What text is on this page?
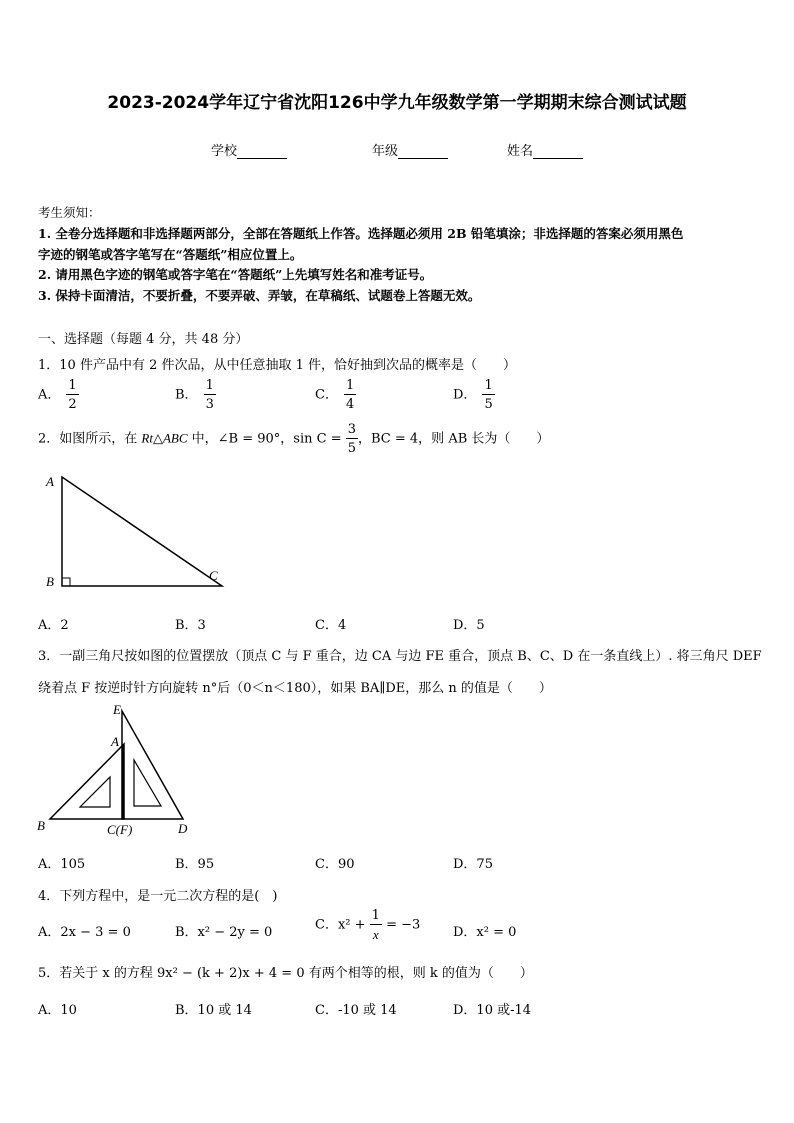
2023-2024学年辽宁省沈阳126中学九年级数学第一学期期末综合测试试题
学校	年级	姓名
考生须知：
1. 全卷分选择题和非选择题两部分，全部在答题纸上作答。选择题必须用 2B 铅笔填涂；非选择题的答案必须用黑色
字迹的钢笔或答字笔写在“答题纸”相应位置上。
2. 请用黑色字迹的钢笔或答字笔在“答题纸”上先填写姓名和准考证号。
3. 保持卡面清洁，不要折叠，不要弄破、弄皱，在草稿纸、试题卷上答题无效。
一、选择题（每题 4 分，共 48 分）
1．10 件产品中有 2 件次品，从中任意抽取 1 件，恰好抽到次品的概率是（　　）
A． $\frac{1}{2}$	B． $\frac{1}{3}$	C． $\frac{1}{4}$	D． $\frac{1}{5}$
2．如图所示，在 Rt△ABC 中，∠B = 90°，$\sin C = \frac{3}{5}$ ，BC = 4，则 AB 长为（　　）
A
B	C
A．2	B．3	C．4	D．5
3．一副三角尺按如图的位置摆放（顶点 C 与 F 重合，边 CA 与边 FE 重合，顶点 B、C、D 在一条直线上）. 将三角尺 DEF
绕着点 F 按逆时针方向旋转 n°后（0＜n＜180），如果 BA∥DE，那么 n 的值是（　　）
E
A
B	C(F)	D
A．105	B．95	C．90	D．75
4．下列方程中，是一元二次方程的是(　)
A．2x − 3 = 0	B．x² − 2y = 0	C．$x^2 + \frac{1}{x} = -3$	D．x² = 0
5．若关于 x 的方程 9x² − (k + 2)x + 4 = 0 有两个相等的根，则 k 的值为（　　）
A．10	B．10 或 14	C．-10 或 14	D．10 或-14
